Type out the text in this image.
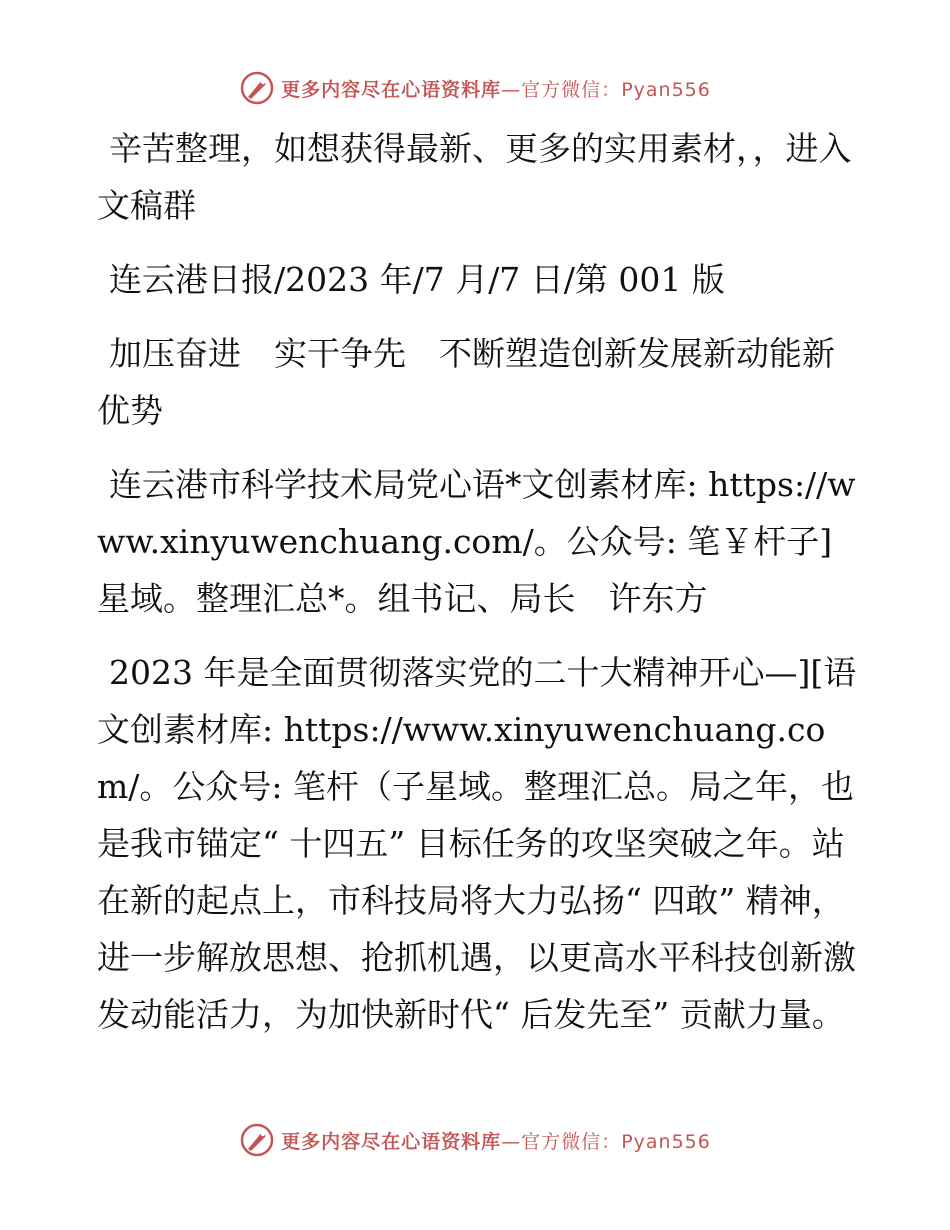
更多内容尽在心语资料库—官方微信：Pyan556

辛苦整理，如想获得最新、更多的实用素材，，进入文稿群

连云港日报/2023 年/7 月/7 日/第 001 版

加压奋进　实干争先　不断塑造创新发展新动能新优势

连云港市科学技术局党心语*文创素材库: https://www.xinyuwenchuang.com/。公众号: 笔￥杆子]星域。整理汇总*。组书记、局长　许东方

2023 年是全面贯彻落实党的二十大精神开心—][语文创素材库: https://www.xinyuwenchuang.com/。公众号: 笔杆（子星域。整理汇总。局之年，也是我市锚定“ 十四五” 目标任务的攻坚突破之年。站在新的起点上，市科技局将大力弘扬“ 四敢” 精神，进一步解放思想、抢抓机遇，以更高水平科技创新激发动能活力，为加快新时代“ 后发先至” 贡献力量。

更多内容尽在心语资料库—官方微信：Pyan556
